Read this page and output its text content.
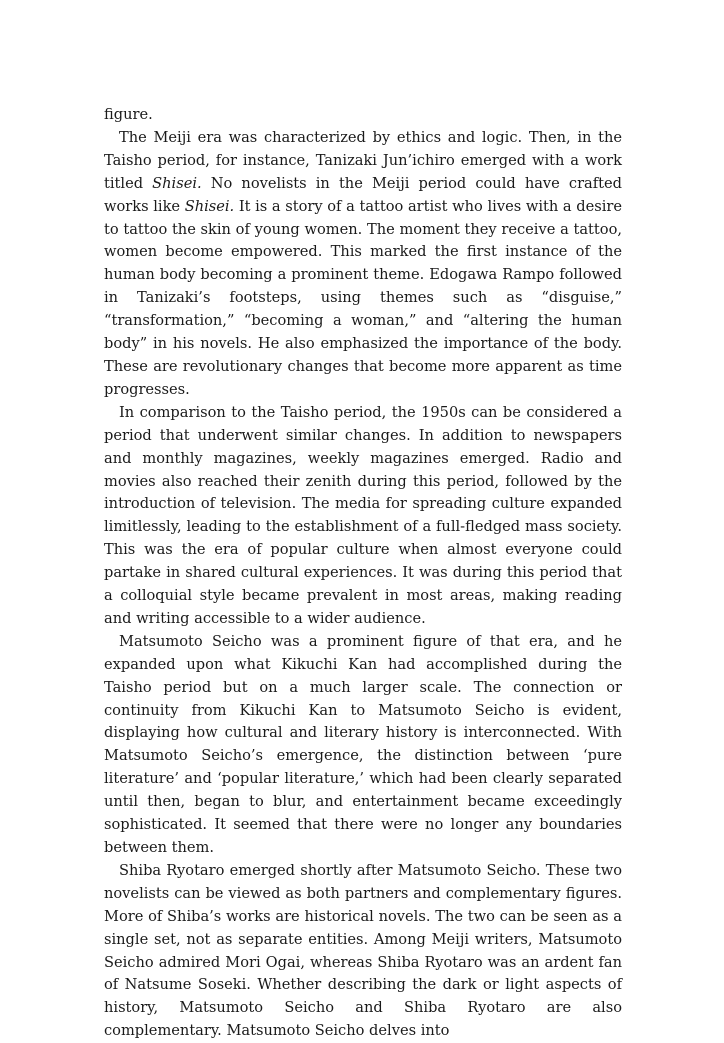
figure.

The Meiji era was characterized by ethics and logic. Then, in the Taisho period, for instance, Tanizaki Jun’ichiro emerged with a work titled Shisei. No novelists in the Meiji period could have crafted works like Shisei. It is a story of a tattoo artist who lives with a desire to tattoo the skin of young women. The moment they receive a tattoo, women become empowered. This marked the first instance of the human body becoming a prominent theme. Edogawa Rampo followed in Tanizaki’s footsteps, using themes such as “disguise,” “transformation,” “becoming a woman,” and “altering the human body” in his novels. He also emphasized the importance of the body. These are revolutionary changes that become more apparent as time progresses.

In comparison to the Taisho period, the 1950s can be considered a period that underwent similar changes. In addition to newspapers and monthly magazines, weekly magazines emerged. Radio and movies also reached their zenith during this period, followed by the introduction of television. The media for spreading culture expanded limitlessly, leading to the establishment of a full-fledged mass society. This was the era of popular culture when almost everyone could partake in shared cultural experiences. It was during this period that a colloquial style became prevalent in most areas, making reading and writing accessible to a wider audience.

Matsumoto Seicho was a prominent figure of that era, and he expanded upon what Kikuchi Kan had accomplished during the Taisho period but on a much larger scale. The connection or continuity from Kikuchi Kan to Matsumoto Seicho is evident, displaying how cultural and literary history is interconnected. With Matsumoto Seicho’s emergence, the distinction between ‘pure literature’ and ‘popular literature,’ which had been clearly separated until then, began to blur, and entertainment became exceedingly sophisticated. It seemed that there were no longer any boundaries between them.

Shiba Ryotaro emerged shortly after Matsumoto Seicho. These two novelists can be viewed as both partners and complementary figures. More of Shiba’s works are historical novels. The two can be seen as a single set, not as separate entities. Among Meiji writers, Matsumoto Seicho admired Mori Ogai, whereas Shiba Ryotaro was an ardent fan of Natsume Soseki. Whether describing the dark or light aspects of history, Matsumoto Seicho and Shiba Ryotaro are also complementary. Matsumoto Seicho delves into
